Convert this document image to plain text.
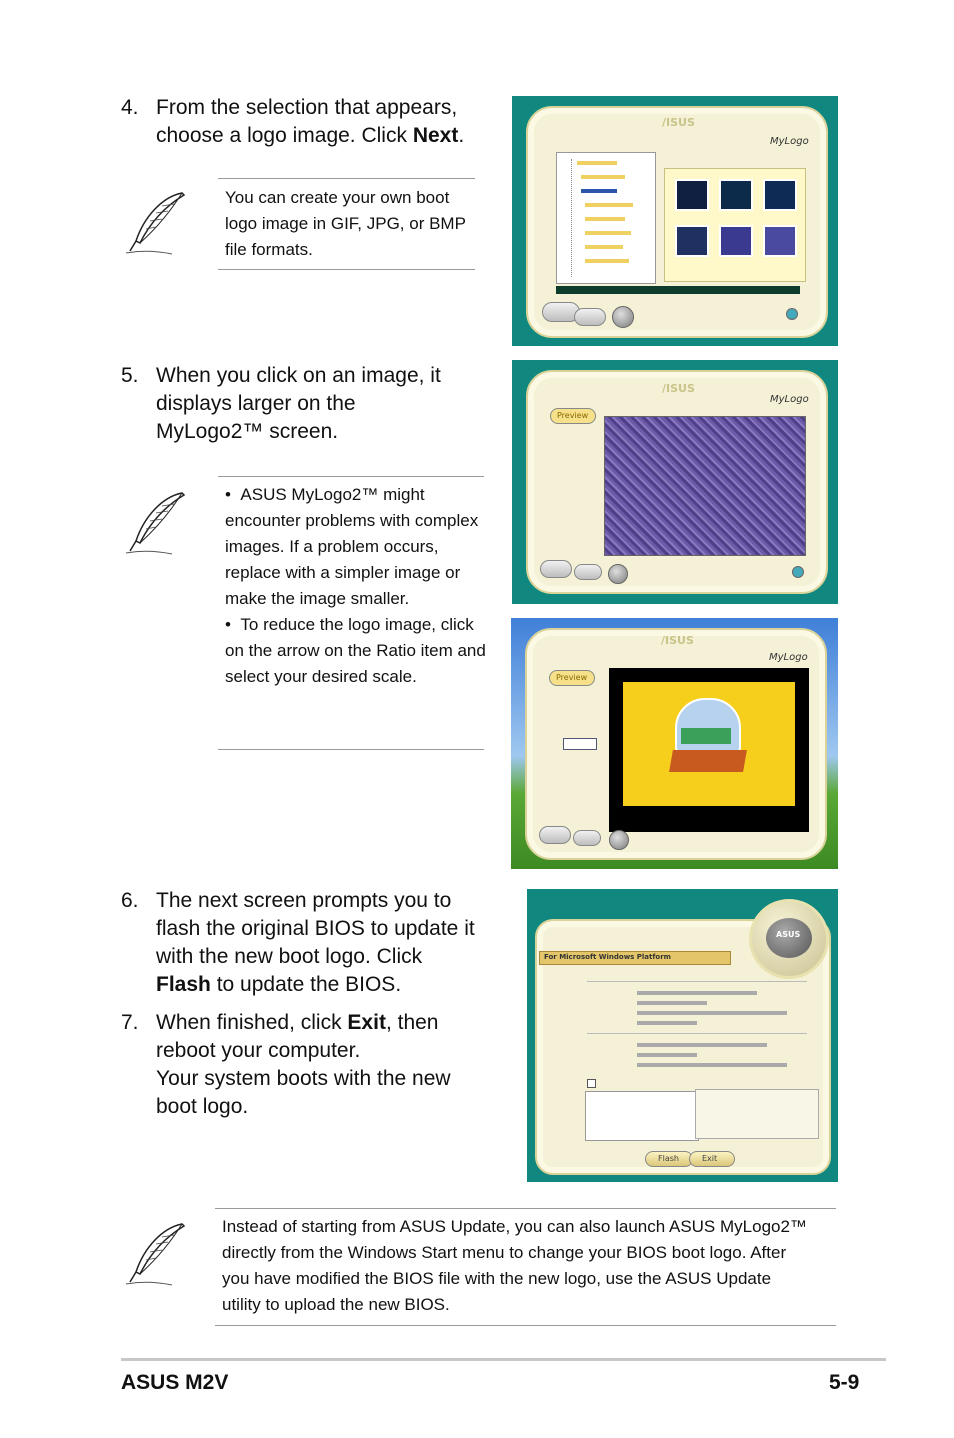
4. From the selection that appears, choose a logo image. Click Next.
You can create your own boot logo image in GIF, JPG, or BMP file formats.
/ISUS
MyLogo
5. When you click on an image, it displays larger on the MyLogo2™ screen.
•  ASUS MyLogo2™ might encounter problems with complex images. If a problem occurs, replace with a simpler image or make the image smaller.
•  To reduce the logo image, click on the arrow on the Ratio item and select your desired scale.
/ISUS
MyLogo
Preview
/ISUS
MyLogo
Preview
6. The next screen prompts you to flash the original BIOS to update it with the new boot logo. Click Flash to update the BIOS.
7. When finished, click Exit, then reboot your computer.
Your system boots with the new boot logo.
ASUS
For Microsoft Windows Platform
Flash	Exit
Instead of starting from ASUS Update, you can also launch ASUS MyLogo2™ directly from the Windows Start menu to change your BIOS boot logo. After you have modified the BIOS file with the new logo, use the ASUS Update utility to upload the new BIOS.
ASUS M2V	5-9
